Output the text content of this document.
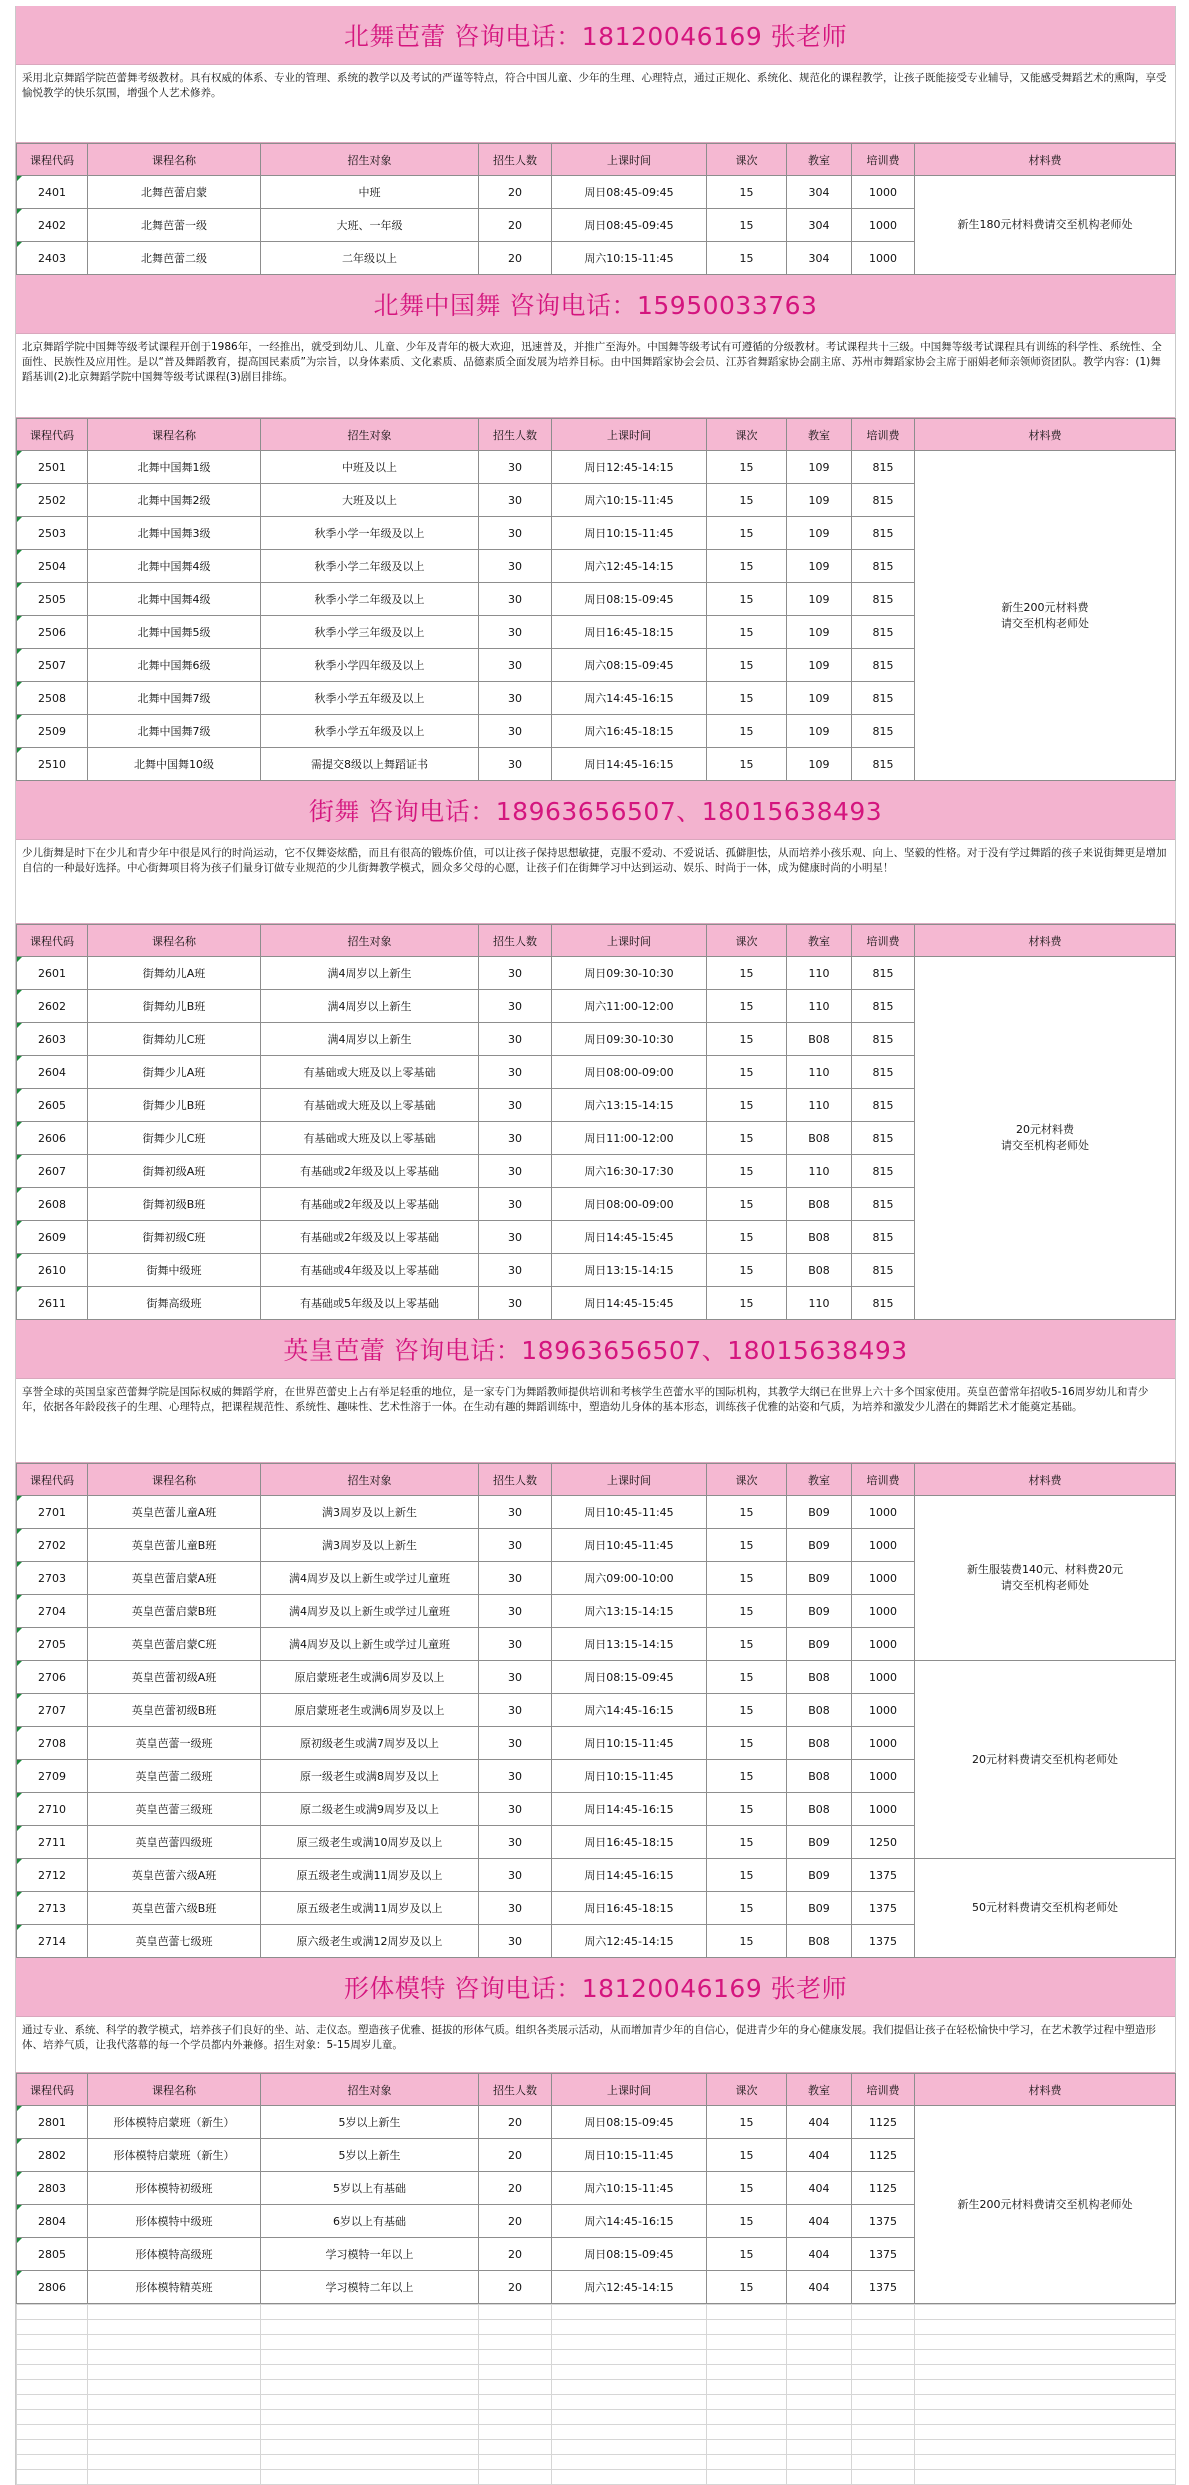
北舞芭蕾 咨询电话：18120046169 张老师
采用北京舞蹈学院芭蕾舞考级教材。具有权威的体系、专业的管理、系统的教学以及考试的严谨等特点，符合中国儿童、少年的生理、心理特点，通过正规化、系统化、规范化的课程教学，让孩子既能接受专业辅导，又能感受舞蹈艺术的熏陶，享受愉悦教学的快乐氛围，增强个人艺术修养。
课程代码	课程名称	招生对象	招生人数	上课时间	课次	教室	培训费	材料费
2401	北舞芭蕾启蒙	中班	20	周日08:45-09:45	15	304	1000	新生180元材料费请交至机构老师处
2402	北舞芭蕾一级	大班、一年级	20	周日08:45-09:45	15	304	1000	
2403	北舞芭蕾二级	二年级以上	20	周六10:15-11:45	15	304	1000	
北舞中国舞 咨询电话：15950033763
北京舞蹈学院中国舞等级考试课程开创于1986年，一经推出，就受到幼儿、儿童、少年及青年的极大欢迎，迅速普及，并推广至海外。中国舞等级考试有可遵循的分级教材。考试课程共十三级。中国舞等级考试课程具有训练的科学性、系统性、全面性、民族性及应用性。是以“普及舞蹈教育，提高国民素质”为宗旨，以身体素质、文化素质、品德素质全面发展为培养目标。由中国舞蹈家协会会员、江苏省舞蹈家协会副主席、苏州市舞蹈家协会主席于丽娟老师亲领师资团队。教学内容：(1)舞蹈基训(2)北京舞蹈学院中国舞等级考试课程(3)剧目排练。
课程代码	课程名称	招生对象	招生人数	上课时间	课次	教室	培训费	材料费
2501	北舞中国舞1级	中班及以上	30	周日12:45-14:15	15	109	815	新生200元材料费
请交至机构老师处
2502	北舞中国舞2级	大班及以上	30	周六10:15-11:45	15	109	815	
2503	北舞中国舞3级	秋季小学一年级及以上	30	周日10:15-11:45	15	109	815	
2504	北舞中国舞4级	秋季小学二年级及以上	30	周六12:45-14:15	15	109	815	
2505	北舞中国舞4级	秋季小学二年级及以上	30	周日08:15-09:45	15	109	815	
2506	北舞中国舞5级	秋季小学三年级及以上	30	周日16:45-18:15	15	109	815	
2507	北舞中国舞6级	秋季小学四年级及以上	30	周六08:15-09:45	15	109	815	
2508	北舞中国舞7级	秋季小学五年级及以上	30	周六14:45-16:15	15	109	815	
2509	北舞中国舞7级	秋季小学五年级及以上	30	周六16:45-18:15	15	109	815	
2510	北舞中国舞10级	需提交8级以上舞蹈证书	30	周日14:45-16:15	15	109	815	
街舞 咨询电话：18963656507、18015638493
少儿街舞是时下在少儿和青少年中很是风行的时尚运动，它不仅舞姿炫酷，而且有很高的锻炼价值，可以让孩子保持思想敏捷，克服不爱动、不爱说话、孤僻胆怯，从而培养小孩乐观、向上、坚毅的性格。对于没有学过舞蹈的孩子来说街舞更是增加自信的一种最好选择。中心街舞项目将为孩子们量身订做专业规范的少儿街舞教学模式，圆众多父母的心愿，让孩子们在街舞学习中达到运动、娱乐、时尚于一体，成为健康时尚的小明星！
课程代码	课程名称	招生对象	招生人数	上课时间	课次	教室	培训费	材料费
2601	街舞幼儿A班	满4周岁以上新生	30	周日09:30-10:30	15	110	815	20元材料费
请交至机构老师处
2602	街舞幼儿B班	满4周岁以上新生	30	周六11:00-12:00	15	110	815	
2603	街舞幼儿C班	满4周岁以上新生	30	周日09:30-10:30	15	B08	815	
2604	街舞少儿A班	有基础或大班及以上零基础	30	周日08:00-09:00	15	110	815	
2605	街舞少儿B班	有基础或大班及以上零基础	30	周六13:15-14:15	15	110	815	
2606	街舞少儿C班	有基础或大班及以上零基础	30	周日11:00-12:00	15	B08	815	
2607	街舞初级A班	有基础或2年级及以上零基础	30	周六16:30-17:30	15	110	815	
2608	街舞初级B班	有基础或2年级及以上零基础	30	周日08:00-09:00	15	B08	815	
2609	街舞初级C班	有基础或2年级及以上零基础	30	周日14:45-15:45	15	B08	815	
2610	街舞中级班	有基础或4年级及以上零基础	30	周日13:15-14:15	15	B08	815	
2611	街舞高级班	有基础或5年级及以上零基础	30	周日14:45-15:45	15	110	815	
英皇芭蕾 咨询电话：18963656507、18015638493
享誉全球的英国皇家芭蕾舞学院是国际权威的舞蹈学府，在世界芭蕾史上占有举足轻重的地位，是一家专门为舞蹈教师提供培训和考核学生芭蕾水平的国际机构，其教学大纲已在世界上六十多个国家使用。英皇芭蕾常年招收5-16周岁幼儿和青少年，依据各年龄段孩子的生理、心理特点，把课程规范性、系统性、趣味性、艺术性溶于一体。在生动有趣的舞蹈训练中，塑造幼儿身体的基本形态，训练孩子优雅的站姿和气质，为培养和激发少儿潜在的舞蹈艺术才能奠定基础。
课程代码	课程名称	招生对象	招生人数	上课时间	课次	教室	培训费	材料费
2701	英皇芭蕾儿童A班	满3周岁及以上新生	30	周日10:45-11:45	15	B09	1000	新生服装费140元、材料费20元
请交至机构老师处
2702	英皇芭蕾儿童B班	满3周岁及以上新生	30	周日10:45-11:45	15	B09	1000	
2703	英皇芭蕾启蒙A班	满4周岁及以上新生或学过儿童班	30	周六09:00-10:00	15	B09	1000	
2704	英皇芭蕾启蒙B班	满4周岁及以上新生或学过儿童班	30	周六13:15-14:15	15	B09	1000	
2705	英皇芭蕾启蒙C班	满4周岁及以上新生或学过儿童班	30	周日13:15-14:15	15	B09	1000	
2706	英皇芭蕾初级A班	原启蒙班老生或满6周岁及以上	30	周日08:15-09:45	15	B08	1000	20元材料费请交至机构老师处
2707	英皇芭蕾初级B班	原启蒙班老生或满6周岁及以上	30	周六14:45-16:15	15	B08	1000	
2708	英皇芭蕾一级班	原初级老生或满7周岁及以上	30	周日10:15-11:45	15	B08	1000	
2709	英皇芭蕾二级班	原一级老生或满8周岁及以上	30	周日10:15-11:45	15	B08	1000	
2710	英皇芭蕾三级班	原二级老生或满9周岁及以上	30	周日14:45-16:15	15	B08	1000	
2711	英皇芭蕾四级班	原三级老生或满10周岁及以上	30	周日16:45-18:15	15	B09	1250	
2712	英皇芭蕾六级A班	原五级老生或满11周岁及以上	30	周日14:45-16:15	15	B09	1375	50元材料费请交至机构老师处
2713	英皇芭蕾六级B班	原五级老生或满11周岁及以上	30	周日16:45-18:15	15	B09	1375	
2714	英皇芭蕾七级班	原六级老生或满12周岁及以上	30	周六12:45-14:15	15	B08	1375	
形体模特 咨询电话：18120046169 张老师
通过专业、系统、科学的教学模式，培养孩子们良好的坐、站、走仪态。塑造孩子优雅、挺拔的形体气质。组织各类展示活动，从而增加青少年的自信心，促进青少年的身心健康发展。我们提倡让孩子在轻松愉快中学习，在艺术教学过程中塑造形体、培养气质，让我代落幕的每一个学员都内外兼修。招生对象：5-15周岁儿童。
课程代码	课程名称	招生对象	招生人数	上课时间	课次	教室	培训费	材料费
2801	形体模特启蒙班（新生）	5岁以上新生	20	周日08:15-09:45	15	404	1125	新生200元材料费请交至机构老师处
2802	形体模特启蒙班（新生）	5岁以上新生	20	周日10:15-11:45	15	404	1125	
2803	形体模特初级班	5岁以上有基础	20	周六10:15-11:45	15	404	1125	
2804	形体模特中级班	6岁以上有基础	20	周六14:45-16:15	15	404	1375	
2805	形体模特高级班	学习模特一年以上	20	周日08:15-09:45	15	404	1375	
2806	形体模特精英班	学习模特二年以上	20	周六12:45-14:15	15	404	1375	
